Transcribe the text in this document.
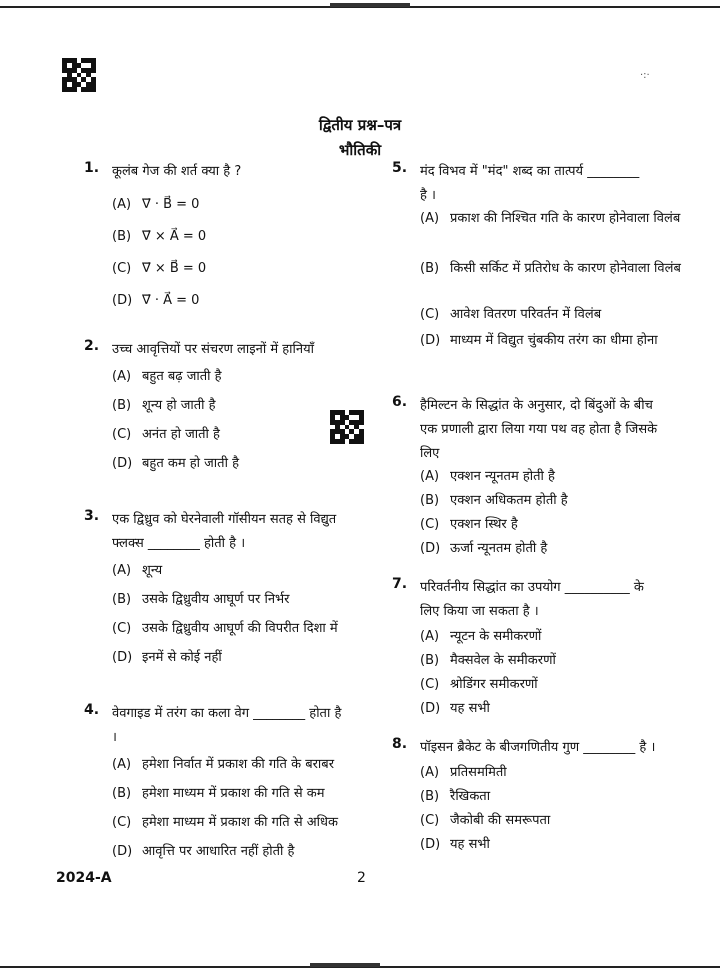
·:·
द्वितीय प्रश्न–पत्र
भौतिकी
1. कूलंब गेज की शर्त क्या है ?
(A) ∇⃗ · B⃗ = 0
(B) ∇⃗ × A⃗ = 0
(C) ∇⃗ × B⃗ = 0
(D) ∇⃗ · A⃗ = 0
2. उच्च आवृत्तियों पर संचरण लाइनों में हानियाँ
(A) बहुत बढ़ जाती है
(B) शून्य हो जाती है
(C) अनंत हो जाती है
(D) बहुत कम हो जाती है
3. एक द्विध्रुव को घेरनेवाली गॉसीयन सतह से विद्युत फ्लक्स ________ होती है ।
(A) शून्य
(B) उसके द्विध्रुवीय आघूर्ण पर निर्भर
(C) उसके द्विध्रुवीय आघूर्ण की विपरीत दिशा में
(D) इनमें से कोई नहीं
4. वेवगाइड में तरंग का कला वेग ________ होता है ।
(A) हमेशा निर्वात में प्रकाश की गति के बराबर
(B) हमेशा माध्यम में प्रकाश की गति से कम
(C) हमेशा माध्यम में प्रकाश की गति से अधिक
(D) आवृत्ति पर आधारित नहीं होती है
5. मंद विभव में "मंद" शब्द का तात्पर्य ________ है ।
(A) प्रकाश की निश्चित गति के कारण होनेवाला विलंब
(B) किसी सर्किट में प्रतिरोध के कारण होनेवाला विलंब
(C) आवेश वितरण परिवर्तन में विलंब
(D) माध्यम में विद्युत चुंबकीय तरंग का धीमा होना
6. हैमिल्टन के सिद्धांत के अनुसार, दो बिंदुओं के बीच एक प्रणाली द्वारा लिया गया पथ वह होता है जिसके लिए
(A) एक्शन न्यूनतम होती है
(B) एक्शन अधिकतम होती है
(C) एक्शन स्थिर है
(D) ऊर्जा न्यूनतम होती है
7. परिवर्तनीय सिद्धांत का उपयोग __________ के लिए किया जा सकता है ।
(A) न्यूटन के समीकरणों
(B) मैक्सवेल के समीकरणों
(C) श्रोडिंगर समीकरणों
(D) यह सभी
8. पॉइसन ब्रैकेट के बीजगणितीय गुण ________ है ।
(A) प्रतिसममिती
(B) रैखिकता
(C) जैकोबी की समरूपता
(D) यह सभी
2024-A	2
